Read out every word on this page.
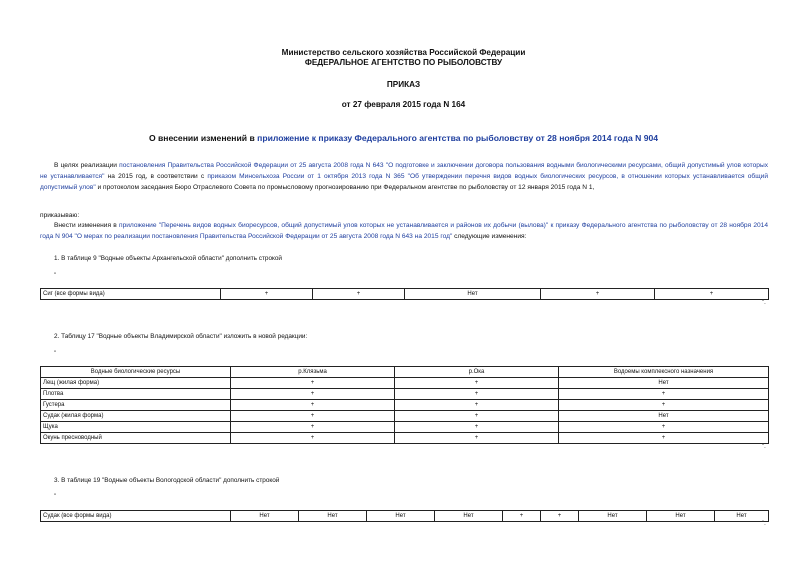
Министерство сельского хозяйства Российской Федерации
ФЕДЕРАЛЬНОЕ АГЕНТСТВО ПО РЫБОЛОВСТВУ
ПРИКАЗ
от 27 февраля 2015 года N 164
О внесении изменений в приложение к приказу Федерального агентства по рыболовству от 28 ноября 2014 года N 904
В целях реализации постановления Правительства Российской Федерации от 25 августа 2008 года N 643 "О подготовке и заключении договора пользования водными биологическими ресурсами, общий допустимый улов которых не устанавливается" на 2015 год, в соответствии с приказом Минсельхоза России от 1 октября 2013 года N 365 "Об утверждении перечня видов водных биологических ресурсов, в отношении которых устанавливается общий допустимый улов" и протоколом заседания Бюро Отраслевого Совета по промысловому прогнозированию при Федеральном агентстве по рыболовству от 12 января 2015 года N 1,
приказываю:
Внести изменения в приложение "Перечень видов водных биоресурсов, общий допустимый улов которых не устанавливается и районов их добычи (вылова)" к приказу Федерального агентства по рыболовству от 28 ноября 2014 года N 904 "О мерах по реализации постановления Правительства Российской Федерации от 25 августа 2008 года N 643 на 2015 год" следующие изменения:
1. В таблице 9 "Водные объекты Архангельской области" дополнить строкой
"
Сиг (все формы вида)	+	+	Нет	+	+
".
2. Таблицу 17 "Водные объекты Владимирской области" изложить в новой редакции:
"
Водные биологические ресурсы	р.Клязьма	р.Ока	Водоемы комплексного назначения
Лещ (жилая форма)	+	+	Нет
Плотва	+	+	+
Густера	+	+	+
Судак (жилая форма)	+	+	Нет
Щука	+	+	+
Окунь пресноводный	+	+	+
".
3. В таблице 19 "Водные объекты Вологодской области" дополнить строкой
"
Судак (все формы вида)	Нет	Нет	Нет	Нет	+	+	Нет	Нет	Нет
".
